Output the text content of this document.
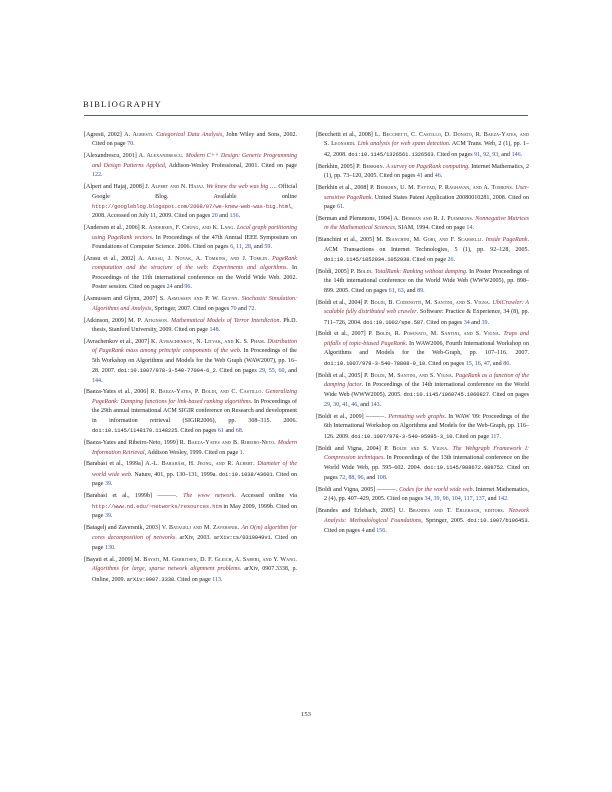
BIBLIOGRAPHY

[Agresti, 2002] A. Agresti. Categorical Data Analysis, John Wiley and Sons, 2002. Cited on page 70.

[Alexandrescu, 2001] A. Alexandrescu. Modern C++ Design: Generic Programming and Design Patterns Applied, Addison-Wesley Professional, 2001. Cited on page 122.

[Alpert and Hajaj, 2008] J. Alpert and N. Hajaj. We knew the web was big …. Official Google Blog. Available online http://googleblog.blogspot.com/2008/07/we-knew-web-was-big.html, 2008. Accessed on July 11, 2009. Cited on pages 20 and 136.

[Andersen et al., 2006] R. Andersen, F. Chung, and K. Lang. Local graph partitioning using PageRank vectors. In Proceedings of the 47th Annual IEEE Symposium on Foundations of Computer Science. 2006. Cited on pages 6, 11, 28, and 59.

[Arasu et al., 2002] A. Arasu, J. Novak, A. Tomkins, and J. Tomlin. PageRank computation and the structure of the web: Experiments and algorithms. In Proceedings of the 11th international conference on the World Wide Web. 2002. Poster session. Cited on pages 24 and 96.

[Asmussen and Glynn, 2007] S. Asmussen and P. W. Glynn. Stochastic Simulation: Algorithms and Analysis, Springer, 2007. Cited on pages 70 and 72.

[Atkinson, 2009] M. P. Atkinson. Mathematical Models of Terror Interdiction. Ph.D. thesis, Stanford University, 2009. Cited on page 148.

[Avrachenkov et al., 2007] K. Avrachenkov, N. Litvak, and K. S. Pham. Distribution of PageRank mass among principle components of the web. In Proceedings of the 5th Workshop on Algorithms and Models for the Web Graph (WAW2007), pp. 16–28. 2007. doi:10.1007/978-3-540-77004-6_2. Cited on pages 29, 55, 60, and 144.

[Baeza-Yates et al., 2006] R. Baeza-Yates, P. Boldi, and C. Castillo. Generalizing PageRank: Damping functions for link-based ranking algorithms. In Proceedings of the 29th annual international ACM SIGIR conference on Research and development in information retrieval (SIGIR2006), pp. 308–315. 2006. doi:10.1145/1148170.1148225. Cited on pages 61 and 68.

[Baeza-Yates and Ribeiro-Neto, 1999] R. Baeza-Yates and B. Ribeiro-Neto. Modern Information Retrieval, Addison Wesley, 1999. Cited on page 1.

[Barabási et al., 1999a] A.-L. Barabási, H. Jeong, and R. Albert. Diameter of the world wide web. Nature, 401, pp. 130–131, 1999a. doi:10.1038/43601. Cited on page 39.

[Barabási et al., 1999b] ———. The www network. Accessed online via http://www.nd.edu/~networks/resources.htm in May 2009, 1999b. Cited on page 39.

[Batagelj and Zaversnik, 2003] V. Batagelj and M. Zaversnik. An O(m) algorithm for cores decomposition of networks. arXiv, 2003. arXiv:cs/0310049v1. Cited on page 130.

[Bayati et al., 2009] M. Bayati, M. Gerritsen, D. F. Gleich, A. Saberi, and Y. Wang. Algorithms for large, sparse network alignment problems. arXiv, 0907.3338, p. Online, 2009. arXiv:0907.3338. Cited on page 113.

[Becchetti et al., 2008] L. Becchetti, C. Castillo, D. Donato, R. Baeza-Yates, and S. Leonardi. Link analysis for web spam detection. ACM Trans. Web, 2 (1), pp. 1–42, 2008. doi:10.1145/1326561.1326563. Cited on pages 91, 92, 93, and 146.

[Berkhin, 2005] P. Berkhin. A survey on PageRank computing. Internet Mathematics, 2 (1), pp. 73–120, 2005. Cited on pages 41 and 46.

[Berkhin et al., 2008] P. Berkhin, U. M. Fayyad, P. Raghavan, and A. Tomkins. User-sensitive PageRank. United States Patent Application 20080010281, 2008. Cited on page 61.

[Berman and Plemmons, 1994] A. Berman and R. J. Plemmons. Nonnegative Matrices in the Mathematical Sciences, SIAM, 1994. Cited on page 14.

[Bianchini et al., 2005] M. Bianchini, M. Gori, and F. Scarselli. Inside PageRank. ACM Transactions on Internet Technologies, 5 (1), pp. 92–128, 2005. doi:10.1145/1052934.1052938. Cited on page 26.

[Boldi, 2005] P. Boldi. TotalRank: Ranking without damping. In Poster Proceedings of the 14th international conference on the World Wide Web (WWW2005), pp. 898–899. 2005. Cited on pages 61, 63, and 89.

[Boldi et al., 2004] P. Boldi, B. Codenotti, M. Santini, and S. Vigna. UbiCrawler: A scalable fully distributed web crawler. Software: Practice & Experience, 34 (8), pp. 711–726, 2004. doi:10.1002/spe.587. Cited on pages 34 and 39.

[Boldi et al., 2007] P. Boldi, R. Posenato, M. Santini, and S. Vigna. Traps and pitfalls of topic-biased PageRank. In WAW2006, Fourth International Workshop on Algorithms and Models for the Web-Graph, pp. 107–116. 2007. doi:10.1007/978-3-540-78808-9_10. Cited on pages 15, 16, 47, and 86.

[Boldi et al., 2005] P. Boldi, M. Santini, and S. Vigna. PageRank as a function of the damping factor. In Proceedings of the 14th international conference on the World Wide Web (WWW2005). 2005. doi:10.1145/1060745.1060827. Cited on pages 29, 30, 41, 46, and 143.

[Boldi et al., 2009] ———. Permuting web graphs. In WAW '09: Proceedings of the 6th International Workshop on Algorithms and Models for the Web-Graph, pp. 116–126. 2009. doi:10.1007/978-3-540-95995-3_10. Cited on page 117.

[Boldi and Vigna, 2004] P. Boldi and S. Vigna. The Webgraph Framework I: Compression techniques. In Proceedings of the 13th international conference on the World Wide Web, pp. 595–602. 2004. doi:10.1145/988672.988752. Cited on pages 72, 88, 96, and 108.

[Boldi and Vigna, 2005] ———. Codes for the world wide web. Internet Mathematics, 2 (4), pp. 407–429, 2005. Cited on pages 34, 39, 96, 104, 117, 137, and 142.

[Brandes and Erlebach, 2005] U. Brandes and T. Erlebach, editors. Network Analysis: Methodological Foundations, Springer, 2005. doi:10.1007/b106453. Cited on pages 4 and 156.

153
